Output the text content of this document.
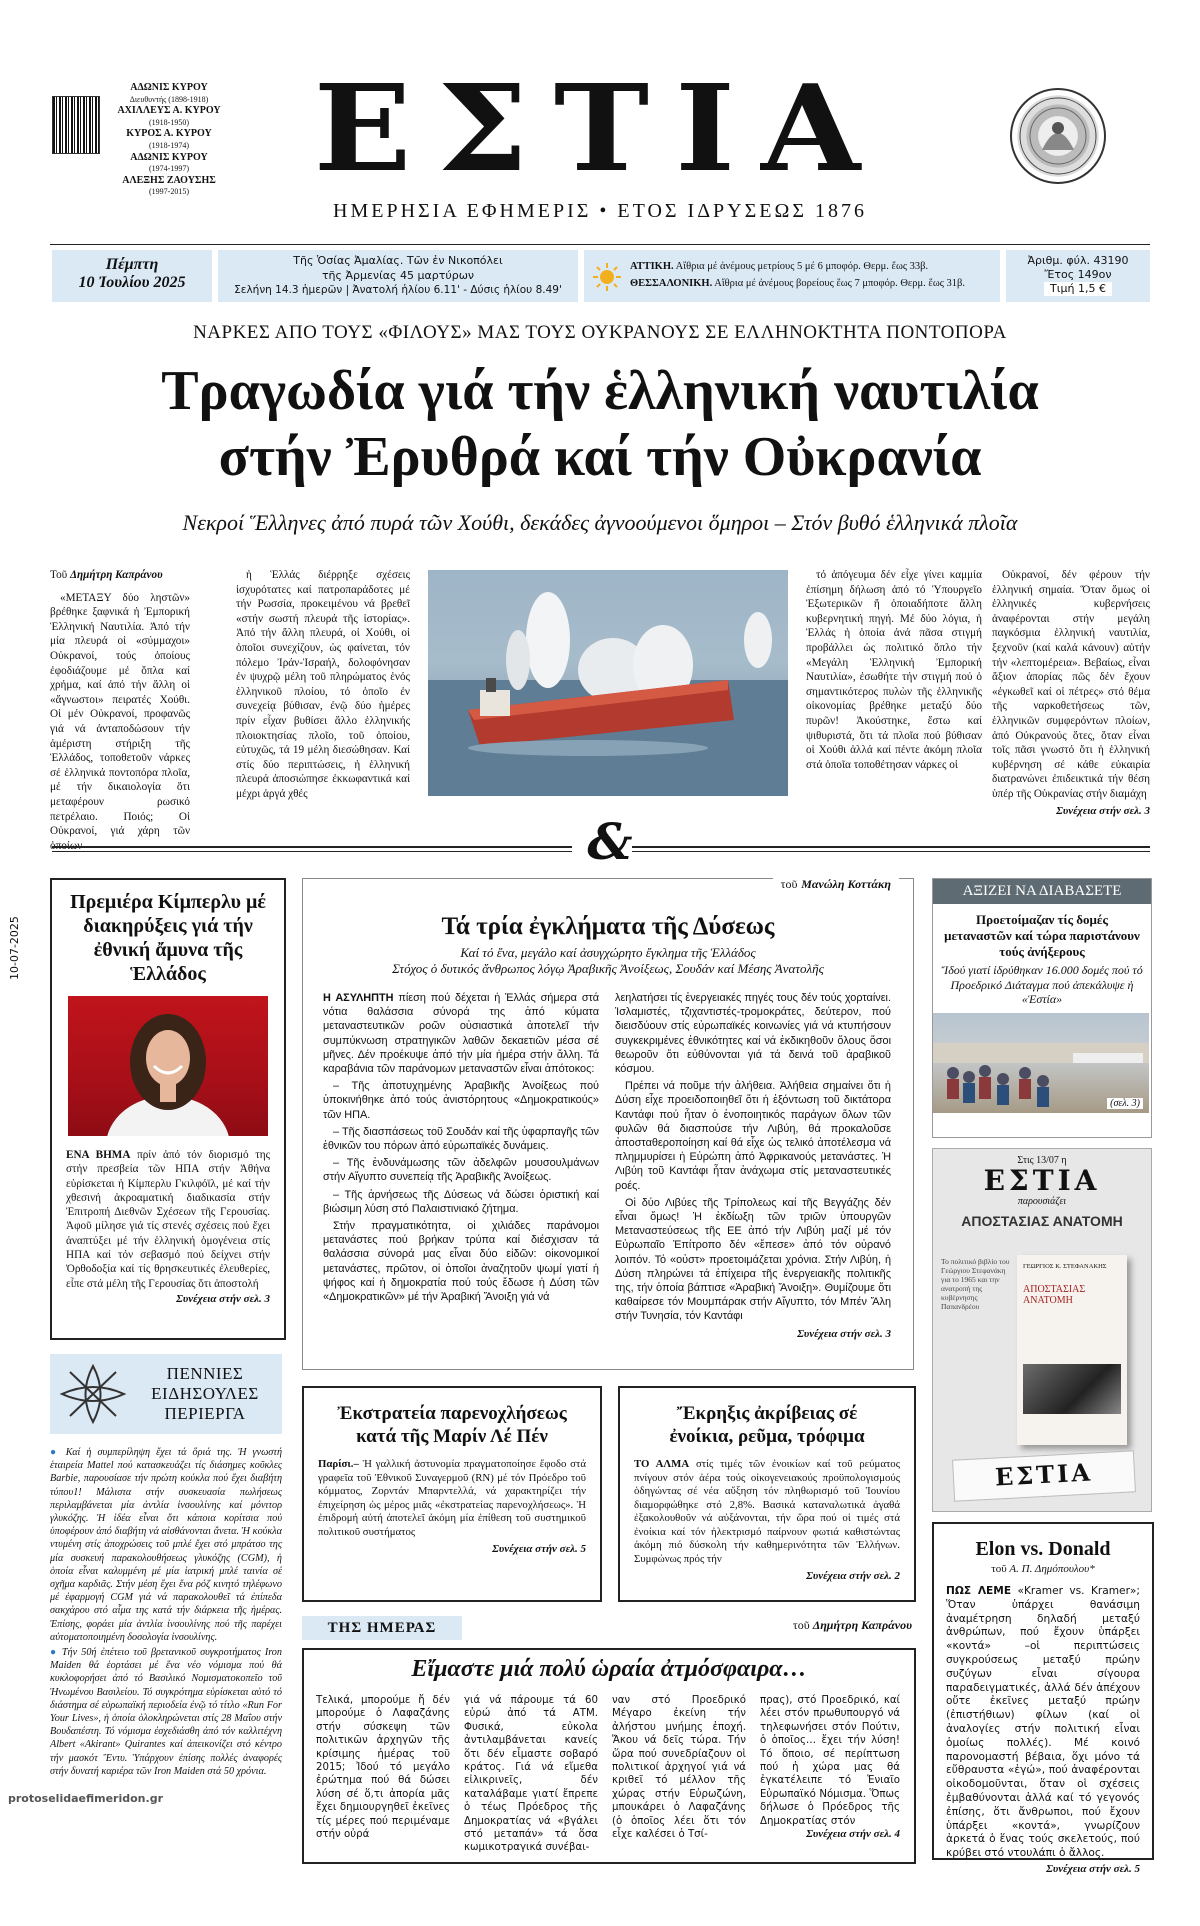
ΑΔΩΝΙΣ ΚΥΡΟΥ
Διευθυντής (1898-1918)
ΑΧΙΛΛΕΥΣ Α. ΚΥΡΟΥ
(1918-1950)
ΚΥΡΟΣ Α. ΚΥΡΟΥ
(1918-1974)
ΑΔΩΝΙΣ ΚΥΡΟΥ
(1974-1997)
ΑΛΕΞΗΣ ΖΑΟΥΣΗΣ
(1997-2015) ΕΣΤΙΑ
ΗΜΕΡΗΣΙΑ ΕΦΗΜΕΡΙΣ • ΕΤΟΣ ΙΔΡΥΣΕΩΣ 1876
Πέμπτη
10 Ἰουλίου 2025
Τῆς Ὁσίας Ἀμαλίας. Τῶν ἐν Νικοπόλει
τῆς Ἀρμενίας 45 μαρτύρων
Σελήνη 14.3 ἡμερῶν | Ἀνατολή ἡλίου 6.11' - Δύσις ἡλίου 8.49'
ΑΤΤΙΚΗ. Αἴθρια μέ ἀνέμους μετρίους 5 μέ 6 μποφόρ. Θερμ. ἕως 33β.
ΘΕΣΣΑΛΟΝΙΚΗ. Αἴθρια μέ ἀνέμους βορείους ἕως 7 μποφόρ. Θερμ. ἕως 31β.
Ἀριθμ. φύλ. 43190
Ἔτος 149ον
Τιμή 1,5 €
ΝΑΡΚΕΣ ΑΠΟ ΤΟΥΣ «ΦΙΛΟΥΣ» ΜΑΣ ΤΟΥΣ ΟΥΚΡΑΝΟΥΣ ΣΕ ΕΛΛΗΝΟΚΤΗΤΑ ΠΟΝΤΟΠΟΡΑ
Τραγωδία γιά τήν ἑλληνική ναυτιλία
στήν Ἐρυθρά καί τήν Οὐκρανία
Νεκροί Ἕλληνες ἀπό πυρά τῶν Χούθι, δεκάδες ἀγνοούμενοι ὅμηροι – Στόν βυθό ἑλληνικά πλοῖα
Τοῦ Δημήτρη Καπράνου

«ΜΕΤΑΞΥ δύο ληστῶν» βρέθηκε ξαφνικά ἡ Ἐμπορική Ἑλληνική Ναυτιλία. Ἀπό τήν μία πλευρά οἱ «σύμμαχοι» Οὐκρανοί, τούς ὁποίους ἐφοδιάζουμε μέ ὅπλα καί χρήμα, καί ἀπό τήν ἄλλη οἱ «ἄγνωστοι» πειρατές Χούθι. Οἱ μέν Οὐκρανοί, προφανῶς γιά νά ἀνταποδώσουν τήν ἀμέριστη στήριξη τῆς Ἑλλάδος, τοποθετοῦν νάρκες σέ ἑλληνικά ποντοπόρα πλοῖα, μέ τήν δικαιολογία ὅτι μεταφέρουν ρωσικό πετρέλαιο. Ποιός; Οἱ Οὐκρανοί, γιά χάρη τῶν ὁποίων

ἡ Ἑλλάς διέρρηξε σχέσεις ἰσχυρότατες καί πατροπαράδοτες μέ τήν Ρωσσία, προκειμένου νά βρεθεῖ «στήν σωστή πλευρά τῆς ἱστορίας». Ἀπό τήν ἄλλη πλευρά, οἱ Χούθι, οἱ ὁποῖοι συνεχίζουν, ὡς φαίνεται, τόν πόλεμο Ἰράν-Ἰσραήλ, δολοφόνησαν ἐν ψυχρῷ μέλη τοῦ πληρώματος ἑνός ἑλληνικοῦ πλοίου, τό ὁποῖο ἐν συνεχείᾳ βύθισαν, ἐνῷ δύο ἡμέρες πρίν εἶχαν βυθίσει ἄλλο ἑλληνικής πλοιοκτησίας πλοῖο, τοῦ ὁποίου, εὐτυχῶς, τά 19 μέλη διεσώθησαν. Καί στίς δύο περιπτώσεις, ἡ ἑλληνική πλευρά ἀποσιώπησε ἐκκωφαντικά καί μέχρι ἀργά χθές

τό ἀπόγευμα δέν εἶχε γίνει καμμία ἐπίσημη δήλωση ἀπό τό Ὑπουργεῖο Ἐξωτερικῶν ἤ ὁποιαδήποτε ἄλλη κυβερνητική πηγή. Μέ δύο λόγια, ἡ Ἑλλάς ἡ ὁποία ἀνά πᾶσα στιγμή προβάλλει ὡς πολιτικό ὅπλο τήν «Μεγάλη Ἑλληνική Ἐμπορική Ναυτιλία», ἐσωθήτε τήν στιγμή πού ὁ σημαντικότερος πυλὼν τῆς ἑλληνικῆς οἰκονομίας βρέθηκε μεταξύ δύο πυρῶν! Ἀκούστηκε, ἔστω καί ψιθυριστά, ὅτι τά πλοῖα πού βύθισαν οἱ Χούθι ἀλλά καί πέντε ἀκόμη πλοῖα στά ὁποῖα τοποθέτησαν νάρκες οἱ

Οὐκρανοί, δέν φέρουν τήν ἑλληνική σημαία. Ὅταν ὅμως οἱ ἑλληνικές κυβερνήσεις ἀναφέρονται στήν μεγάλη παγκόσμια ἑλληνική ναυτιλία, ξεχνοῦν (καί καλά κάνουν) αὐτήν τήν «λεπτομέρεια». Βεβαίως, εἶναι ἄξιον ἀπορίας πῶς δέν ἔχουν «ἐγκωθεῖ καί οἱ πέτρες» στό θέμα τῆς ναρκοθετήσεως τῶν, ἑλληνικῶν συμφερόντων πλοίων, ἀπό Οὐκρανούς ὅτες, ὅταν εἶναι τοῖς πᾶσι γνωστό ὅτι ἡ ἑλληνική κυβέρνηση σέ κάθε εὐκαιρία διατρανώνει ἐπιδεικτικά τήν θέση ὑπέρ τῆς Οὐκρανίας στήν διαμάχη

Συνέχεια στήν σελ. 3
&
10-07-2025
Πρεμιέρα Κίμπερλυ μέ διακηρύξεις γιά τήν ἐθνική ἄμυνα τῆς Ἑλλάδος
ΕΝΑ ΒΗΜΑ πρίν ἀπό τόν διορισμό της στήν πρεσβεία τῶν ΗΠΑ στήν Ἀθήνα εὑρίσκεται ἡ Κίμπερλυ Γκιλφόϊλ, μέ καί τήν χθεσινή ἀκροαματική διαδικασία στήν Ἐπιτροπή Διεθνῶν Σχέσεων τῆς Γερουσίας. Ἀφοῦ μίλησε γιά τίς στενές σχέσεις πού ἔχει ἀναπτύξει μέ τήν ἑλληνική ὁμογένεια στίς ΗΠΑ καί τόν σεβασμό πού δείχνει στήν Ὀρθοδοξία καί τίς θρησκευτικές ἐλευθερίες, εἶπε στά μέλη τῆς Γερουσίας ὅτι ἀποστολή
Συνέχεια στήν σελ. 3
τοῦ Μανώλη Κοττάκη
Τά τρία ἐγκλήματα τῆς Δύσεως
Καί τό ἔνα, μεγάλο καί ἀσυγχώρητο ἔγκλημα τῆς Ἑλλάδος
Στόχος ὁ δυτικός ἄνθρωπος λόγῳ Ἀραβικῆς Ἀνοίξεως, Σουδάν καί Μέσης Ἀνατολῆς

Η ΑΣΥΛΗΠΤΗ πίεση πού δέχεται ἡ Ἑλλάς σήμερα στά νότια θαλάσσια σύνορά της ἀπό κύματα μεταναστευτικῶν ροῶν οὐσιαστικά ἀποτελεῖ τήν συμπύκνωση στρατηγικῶν λαθῶν δεκαετιῶν μέσα σέ μῆνες. Δέν προέκυψε ἀπό τήν μία ἡμέρα στήν ἄλλη. Τά καραβάνια τῶν παράνομων μεταναστῶν εἶναι ἀπότοκος:

– Τῆς ἀποτυχημένης Ἀραβικῆς Ἀνοίξεως πού ὑποκινήθηκε ἀπό τούς ἀνιστόρητους «Δημοκρατικούς» τῶν ΗΠΑ.

– Τῆς διασπάσεως τοῦ Σουδάν καί τῆς ὑφαρπαγῆς τῶν ἐθνικῶν του πόρων ἀπό εὐρωπαϊκές δυνάμεις.

– Τῆς ἐνδυνάμωσης τῶν ἀδελφῶν μουσουλμάνων στήν Αἴγυπτο συνεπείᾳ τῆς Ἀραβικῆς Ἀνοίξεως.

– Τῆς ἀρνήσεως τῆς Δύσεως νά δώσει ὁριστική καί βιώσιμη λύση στό Παλαιστινιακό ζήτημα.

Στήν πραγματικότητα, οἱ χιλιάδες παράνομοι μετανάστες πού βρήκαν τρύπα καί διέσχισαν τά θαλάσσια σύνορά μας εἶναι δύο εἰδῶν: οἰκονομικοί μετανάστες, πρῶτον, οἱ ὁποῖοι ἀναζητοῦν ψωμί γιατί ἡ ψήφος καί ἡ δημοκρατία πού τούς ἔδωσε ἡ Δύση τῶν «Δημοκρατικῶν» μέ τήν Ἀραβική Ἄνοιξη γιά νά

λεηλατήσει τίς ἐνεργειακές πηγές τους δέν τούς χορταίνει. Ἰσλαμιστές, τζιχαντιστές-τρομοκράτες, δεύτερον, πού διεισδύουν στίς εὐρωπαϊκές κοινωνίες γιά νά κτυπήσουν συγκεκριμένες ἐθνικότητες καί νά ἐκδικηθοῦν ὅλους ὅσοι θεωροῦν ὅτι εὐθύνονται γιά τά δεινά τοῦ ἀραβικοῦ κόσμου.

Πρέπει νά ποῦμε τήν ἀλήθεια. Ἀλήθεια σημαίνει ὅτι ἡ Δύση εἶχε προειδοποιηθεῖ ὅτι ἡ ἐξόντωση τοῦ δικτάτορα Καντάφι πού ἦταν ὁ ἑνοποιητικός παράγων ὅλων τῶν φυλῶν θά διασπούσε τήν Λιβύη, θά προκαλοῦσε ἀποσταθεροποίηση καί θά εἶχε ὡς τελικό ἀποτέλεσμα νά πλημμυρίσει ἡ Εὐρώπη ἀπό Ἀφρικανούς μετανάστες. Ἡ Λιβύη τοῦ Καντάφι ἦταν ἀνάχωμα στίς μεταναστευτικές ροές.

Οἱ δύο Λιβύες τῆς Τρίπολεως καί τῆς Βεγγάζης δέν εἶναι ὅμως! Ἡ ἐκδίωξη τῶν τριῶν ὑπουργῶν Μεταναστεύσεως τῆς ΕΕ ἀπό τήν Λιβύη μαζί μέ τόν Εὐρωπαῖο Ἐπίτροπο δέν «ἔπεσε» ἀπό τόν οὐρανό λοιπόν. Τό «οὐστ» προετοιμάζεται χρόνια. Στήν Λιβύη, ἡ Δύση πληρώνει τά ἐπίχειρα τῆς ἐνεργειακῆς πολιτικῆς της, τήν ὁποία βάπτισε «Ἀραβική Ἄνοιξη». Θυμίζουμε ὅτι καθαίρεσε τόν Μουμπάρακ στήν Αἴγυπτο, τόν Μπέν Ἄλη στήν Τυνησία, τόν Καντάφι

Συνέχεια στήν σελ. 3
ΑΞΙΖΕΙ ΝΑ ΔΙΑΒΑΣΕΤΕ
Προετοίμαζαν τίς δομές μεταναστῶν καί τώρα παριστάνουν τούς ἀνήξερους
Ἴδού γιατί ἱδρύθηκαν 16.000 δομές πού τό Προεδρικό Διάταγμα πού ἀπεκάλυψε ἡ «Ἑστία»
(σελ. 3)
Στις 13/07 η
ΕΣΤΙΑ
παρουσιάζει
ΑΠΟΣΤΑΣΙΑΣ ΑΝΑΤΟΜΗ
Το πολιτικό βιβλίο του Γεώργιου Στεφανάκη για το 1965 και την ανατροπή της κυβέρνησης Παπανδρέου
ΓΕΩΡΓΙΟΣ Κ. ΣΤΕΦΑΝΑΚΗΣ
ΑΠΟΣΤΑΣΙΑΣ ΑΝΑΤΟΜΗ
ΕΣΤΙΑ
ΠΕΝΝΙΕΣ ΕΙΔΗΣΟΥΛΕΣ ΠΕΡΙΕΡΓΑ

● Καί ἡ συμπερίληψη ἔχει τά ὅριά της. Ἡ γνωστή ἑταιρεία Mattel πού κατασκευάζει τίς διάσημες κοῦκλες Barbie, παρουσίασε τήν πρώτη κούκλα πού ἔχει διαβήτη τύπου1! Μάλιστα στήν συσκευασία πωλήσεως περιλαμβάνεται μία ἀντλία ἰνσουλίνης καί μόνιτορ γλυκόζης. Ἡ ἰδέα εἶναι ὅτι κάποια κορίτσια πού ὑποφέρουν ἀπό διαβήτη νά αἰσθάνονται ἄνετα. Ἡ κούκλα ντυμένη στίς ἀποχρώσεις τοῦ μπλέ ἔχει στό μπράτσο της μία συσκευή παρακολουθήσεως γλυκόζης (CGM), ἡ ὁποία εἶναι καλυμμένη μέ μία ἰατρική μπλέ ταινία σέ σχῆμα καρδιᾶς. Στήν μέση ἔχει ἕνα ρόζ κινητό τηλέφωνο μέ ἐφαρμογή CGM γιά νά παρακολουθεῖ τά ἐπίπεδα σακχάρου στό αἷμα της κατά τήν διάρκεια τῆς ἡμέρας. Ἐπίσης, φοράει μία ἀντλία ἰνσουλίνης πού τῆς παρέχει αὐτοματοποιημένη δοσολογία ἰνσουλίνης.

● Τήν 50ή ἐπέτειο τοῦ βρετανικοῦ συγκροτήματος Iron Maiden θά ἑορτάσει μέ ἕνα νέο νόμισμα πού θά κυκλοφορήσει ἀπό τό Βασιλικό Νομισματοκοπεῖο τοῦ Ἡνωμένου Βασιλείου. Τό συγκρότημα εὑρίσκεται αὐτό τό διάστημα σέ εὐρωπαϊκή περιοδεία ἐνῷ τό τίτλο «Run For Your Lives», ἡ ὁποία ὀλοκληρώνεται στίς 28 Μαΐου στήν Βουδαπέστη. Τό νόμισμα ἐσχεδιάσθη ἀπό τόν καλλιτέχνη Albert «Akirant» Quirantes καί ἀπεικονίζει στό κέντρο τήν μασκότ Ἔντυ. Ὑπάρχουν ἐπίσης πολλές ἀναφορές στήν δυνατή καριέρα τῶν Iron Maiden στά 50 χρόνια.

protoselidaefimeridon.gr
Ἐκστρατεία παρενοχλήσεως κατά τῆς Μαρίν Λέ Πέν
Παρίσι.– Ἡ γαλλική ἀστυνομία πραγματοποίησε ἔφοδο στά γραφεῖα τοῦ Ἐθνικοῦ Συναγερμοῦ (RN) μέ τόν Πρόεδρο τοῦ κόμματος, Ζορντάν Μπαρντελλά, νά χαρακτηρίζει τήν ἐπιχείρηση ὡς μέρος μιᾶς «ἐκστρατείας παρενοχλήσεως». Ἡ ἐπιδρομή αὐτή ἀποτελεῖ ἀκόμη μία ἐπίθεση τοῦ συστημικοῦ πολιτικοῦ συστήματος
Συνέχεια στήν σελ. 5
Ἔκρηξις ἀκρίβειας σέ ἐνοίκια, ρεῦμα, τρόφιμα
ΤΟ ΑΛΜΑ στίς τιμές τῶν ἐνοικίων καί τοῦ ρεύματος πνίγουν στόν ἀέρα τούς οἰκογενειακούς προϋπολογισμούς ὁδηγώντας σέ νέα αὔξηση τόν πληθωρισμό τοῦ Ἰουνίου διαμορφώθηκε στό 2,8%. Βασικά καταναλωτικά ἀγαθά ἐξακολουθοῦν νά αὐξάνονται, τήν ὥρα πού οἱ τιμές στά ἐνοίκια καί τόν ἠλεκτρισμό παίρνουν φωτιά καθιστώντας ἀκόμη πιό δύσκολη τήν καθημερινότητα τῶν Ἑλλήνων. Συμφώνως πρός τήν
Συνέχεια στήν σελ. 2
Elon vs. Donald
τοῦ Α. Π. Δημόπουλου*
ΠΩΣ ΛΕΜΕ «Kramer vs. Kramer»; Ὅταν ὑπάρχει θανάσιμη ἀναμέτρηση δηλαδή μεταξύ ἀνθρώπων, πού ἔχουν ὑπάρξει «κοντά» –οἱ περιπτώσεις συγκρούσεως μεταξύ πρώην συζύγων εἶναι σίγουρα παραδειγματικές, ἀλλά δέν ἀπέχουν οὔτε ἐκεῖνες μεταξύ πρώην (ἐπιστήθιων) φίλων (καί οἱ ἀναλογίες στήν πολιτική εἶναι ὁμοίως πολλές). Μέ κοινό παρονομαστή βέβαια, ὅχι μόνο τά εὔθραυστα «ἐγώ», πού ἀναφέρονται οἰκοδομοῦνται, ὅταν οἱ σχέσεις ἐμβαθύνονται ἀλλά καί τό γεγονός ἐπίσης, ὅτι ἄνθρωποι, πού ἔχουν ὑπάρξει «κοντά», γνωρίζουν ἀρκετά ὁ ἕνας τούς σκελετούς, πού κρύβει στό ντουλάπι ὁ ἄλλος.
Συνέχεια στήν σελ. 5
ΤΗΣ ΗΜΕΡΑΣ	τοῦ Δημήτρη Καπράνου
Εἴμαστε μιά πολύ ὡραία ἀτμόσφαιρα…
Τελικά, μπορούμε ἤ δέν μπορούμε ὁ Λαφαζάνης στήν σύσκεψη τῶν πολιτικῶν ἀρχηγῶν τῆς κρίσιμης ἡμέρας τοῦ 2015; Ἰδού τό μεγάλο ἐρώτημα πού θά δώσει λύση σέ ὅ,τι ἀπορία μᾶς ἔχει δημιουργηθεῖ ἐκεῖνες τίς μέρες πού περιμέναμε στήν οὐρά
γιά νά πάρουμε τά 60 εὐρώ ἀπό τά ΑΤΜ. Φυσικά, εὐκολα ἀντιλαμβάνεται κανείς ὅτι δέν εἶμαστε σοβαρό κράτος. Γιά νά εἴμεθα εἰλικρινεῖς, δέν καταλάβαμε γιατί ἔπρεπε ὁ τέως Πρόεδρος τῆς Δημοκρατίας νά «βγάλει στό μεταπάν» τά ὅσα κωμικοτραγικά συνέβαι-
ναν στό Προεδρικό Μέγαρο ἐκείνη τήν ἀλήστου μνήμης ἐποχή. Ἄκου νά δεῖς τώρα. Τήν ὥρα πού συνεδρίαζουν οἱ πολιτικοί ἀρχηγοί γιά νά κριθεῖ τό μέλλον τῆς χώρας στήν Εὐρωζώνη, μπουκάρει ὁ Λαφαζάνης (ὁ ὁποῖος λέει ὅτι τόν εἶχε καλέσει ὁ Τσί-
πρας), στό Προεδρικό, καί λέει στόν πρωθυπουργό νά τηλεφωνήσει στόν Πούτιν, ὁ ὁποῖος… ἔχει τήν λύση! Τό ὅποιο, σέ περίπτωση πού ἡ χώρα μας θά ἐγκατέλειπε τό Ἑνιαῖο Εὐρωπαϊκό Νόμισμα. Ὅπως δήλωσε ὁ Πρόεδρος τῆς Δημοκρατίας στόν
Συνέχεια στήν σελ. 4
